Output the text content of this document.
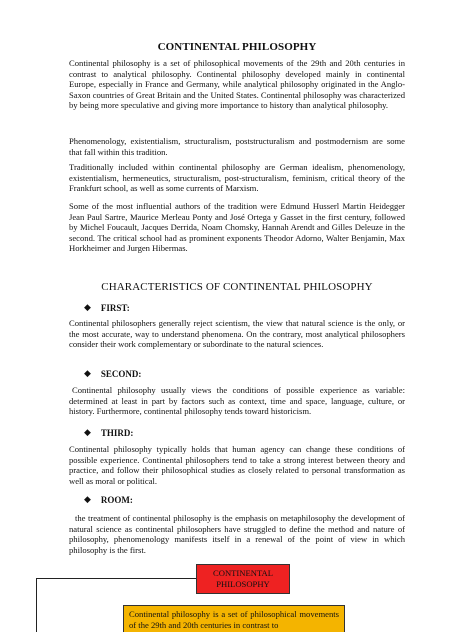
CONTINENTAL PHILOSOPHY
Continental philosophy is a set of philosophical movements of the 29th and 20th centuries in contrast to analytical philosophy. Continental philosophy developed mainly in continental Europe, especially in France and Germany, while analytical philosophy originated in the Anglo-Saxon countries of Great Britain and the United States. Continental philosophy was characterized by being more speculative and giving more importance to history than analytical philosophy.
Phenomenology, existentialism, structuralism, poststructuralism and postmodernism are some that fall within this tradition.
Traditionally included within continental philosophy are German idealism, phenomenology, existentialism, hermeneutics, structuralism, post-structuralism, feminism, critical theory of the Frankfurt school, as well as some currents of Marxism.
Some of the most influential authors of the tradition were Edmund Husserl Martin Heidegger Jean Paul Sartre, Maurice Merleau Ponty and José Ortega y Gasset in the first century, followed by Michel Foucault, Jacques Derrida, Noam Chomsky, Hannah Arendt and Gilles Deleuze in the second. The critical school had as prominent exponents Theodor Adorno, Walter Benjamin, Max Horkheimer and Jurgen Hibermas.
CHARACTERISTICS OF CONTINENTAL PHILOSOPHY
◆ FIRST:
Continental philosophers generally reject scientism, the view that natural science is the only, or the most accurate, way to understand phenomena. On the contrary, most analytical philosophers consider their work complementary or subordinate to the natural sciences.
◆ SECOND:
Continental philosophy usually views the conditions of possible experience as variable: determined at least in part by factors such as context, time and space, language, culture, or history. Furthermore, continental philosophy tends toward historicism.
◆ THIRD:
Continental philosophy typically holds that human agency can change these conditions of possible experience. Continental philosophers tend to take a strong interest between theory and practice, and follow their philosophical studies as closely related to personal transformation as well as moral or political.
◆ ROOM:
the treatment of continental philosophy is the emphasis on metaphilosophy the development of natural science as continental philosophers have struggled to define the method and nature of philosophy, phenomenology manifests itself in a renewal of the point of view in which philosophy is the first.
CONTINENTAL PHILOSOPHY
Continental philosophy is a set of philosophical movements of the 29th and 20th centuries in contrast to
